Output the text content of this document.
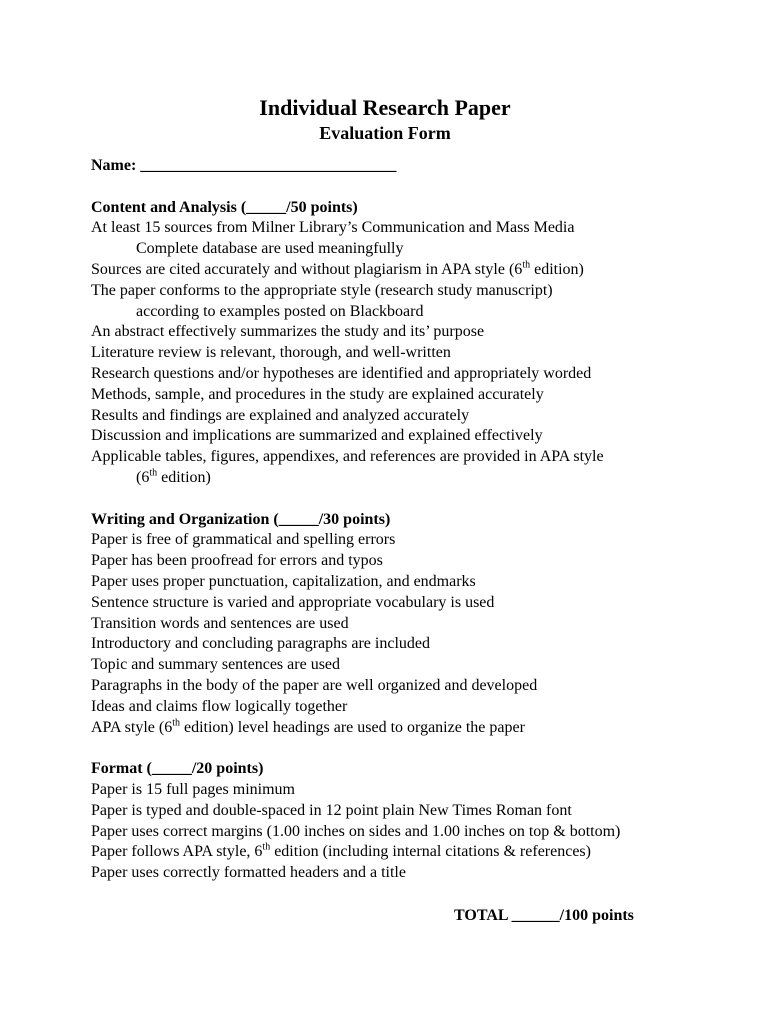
Individual Research Paper
Evaluation Form
Name: ________________________________
Content and Analysis (_____/50 points)
At least 15 sources from Milner Library’s Communication and Mass Media
Complete database are used meaningfully
Sources are cited accurately and without plagiarism in APA style (6th edition)
The paper conforms to the appropriate style (research study manuscript)
according to examples posted on Blackboard
An abstract effectively summarizes the study and its’ purpose
Literature review is relevant, thorough, and well-written
Research questions and/or hypotheses are identified and appropriately worded
Methods, sample, and procedures in the study are explained accurately
Results and findings are explained and analyzed accurately
Discussion and implications are summarized and explained effectively
Applicable tables, figures, appendixes, and references are provided in APA style
(6th edition)
Writing and Organization (_____/30 points)
Paper is free of grammatical and spelling errors
Paper has been proofread for errors and typos
Paper uses proper punctuation, capitalization, and endmarks
Sentence structure is varied and appropriate vocabulary is used
Transition words and sentences are used
Introductory and concluding paragraphs are included
Topic and summary sentences are used
Paragraphs in the body of the paper are well organized and developed
Ideas and claims flow logically together
APA style (6th edition) level headings are used to organize the paper
Format (_____/20 points)
Paper is 15 full pages minimum
Paper is typed and double-spaced in 12 point plain New Times Roman font
Paper uses correct margins (1.00 inches on sides and 1.00 inches on top & bottom)
Paper follows APA style, 6th edition (including internal citations & references)
Paper uses correctly formatted headers and a title
TOTAL ______/100 points
